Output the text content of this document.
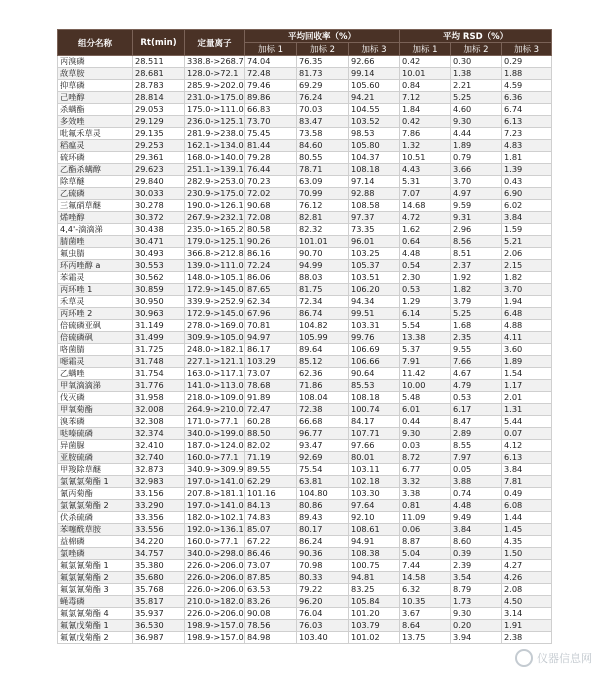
组分名称	Rt(min)	定量离子	平均回收率（%）			平均 RSD（%）		
			加标 1	加标 2	加标 3	加标 1	加标 2	加标 3
丙溴磷	28.511	338.8->268.7	74.04	76.35	92.66	0.42	0.30	0.29
敌草胺	28.681	128.0->72.1	72.48	81.73	99.14	10.01	1.38	1.88
抑草磷	28.783	285.9->202.0	79.46	69.29	105.60	0.84	2.21	4.59
己唑醇	28.814	231.0->175.0	89.86	76.24	94.21	7.12	5.25	6.36
杀螨酯	29.053	175.0->111.0	66.83	70.03	104.55	1.84	4.60	6.74
多效唑	29.129	236.0->125.1	73.70	83.47	103.52	0.42	9.30	6.13
吡氟禾草灵	29.135	281.9->238.0	75.45	73.58	98.53	7.86	4.44	7.23
稻瘟灵	29.253	162.1->134.0	81.44	84.60	105.80	1.32	1.89	4.83
硫环磷	29.361	168.0->140.0	79.28	80.55	104.37	10.51	0.79	1.81
乙酯杀螨醇	29.623	251.1->139.1	76.44	78.71	108.18	4.43	3.66	1.39
除草醚	29.840	282.9->253.0	70.23	63.09	97.14	5.31	3.70	0.43
乙硫磷	30.033	230.9->175.0	72.02	70.99	92.88	7.07	4.97	6.90
三氟硝草醚	30.278	190.0->126.1	90.68	76.12	108.58	14.68	9.59	6.02
烯唑醇	30.372	267.9->232.1	72.08	82.81	97.37	4.72	9.31	3.84
4,4'-滴滴涕	30.438	235.0->165.2	80.58	82.32	73.35	1.62	2.96	1.59
腈菌唑	30.471	179.0->125.1	90.26	101.01	96.01	0.64	8.56	5.21
氟虫腈	30.493	366.8->212.8	86.16	90.70	103.25	4.48	8.51	2.06
环丙唑醇 a	30.553	139.0->111.0	72.24	94.99	105.37	0.54	2.37	2.15
苯霜灵	30.562	148.0->105.1	86.06	88.03	103.51	2.30	1.92	1.82
丙环唑 1	30.859	172.9->145.0	87.65	81.75	106.20	0.53	1.82	3.70
禾草灵	30.950	339.9->252.9	62.34	72.34	94.34	1.29	3.79	1.94
丙环唑 2	30.963	172.9->145.0	67.96	86.74	99.51	6.14	5.25	6.48
倍硫磷亚砜	31.149	278.0->169.0	70.81	104.82	103.31	5.54	1.68	4.88
倍硫磷砜	31.499	309.9->105.0	94.97	105.99	99.76	13.38	2.35	4.11
咯菌腈	31.725	248.0->182.1	86.17	89.64	106.69	5.37	9.55	3.60
噁霜灵	31.748	227.1->121.1	103.29	85.12	106.66	7.91	7.66	1.89
乙螨唑	31.754	163.0->117.1	73.07	62.36	90.64	11.42	4.67	1.54
甲氧滴滴涕	31.776	141.0->113.0	78.68	71.86	85.53	10.00	4.79	1.17
伐灭磷	31.958	218.0->109.0	91.89	108.04	108.18	5.48	0.53	2.01
甲氧菊酯	32.008	264.9->210.0	72.47	72.38	100.74	6.01	6.17	1.31
溴苯磷	32.308	171.0->77.1	60.28	66.68	84.17	0.44	8.47	5.44
哒嗪硫磷	32.374	340.0->199.0	88.50	96.77	107.71	9.30	2.89	0.07
异菌脲	32.410	187.0->124.0	82.02	93.47	97.66	0.03	8.55	4.12
亚胺硫磷	32.740	160.0->77.1	71.19	92.69	80.01	8.72	7.97	6.13
甲羧除草醚	32.873	340.9->309.9	89.55	75.54	103.11	6.77	0.05	3.84
氯氰氯菊酯 1	32.983	197.0->141.0	62.29	63.81	102.18	3.32	3.88	7.81
氰丙菊酯	33.156	207.8->181.1	101.16	104.80	103.30	3.38	0.74	0.49
氯氰氯菊酯 2	33.290	197.0->141.0	84.13	80.86	97.64	0.81	4.48	6.08
伏杀硫磷	33.356	182.0->102.1	74.83	89.43	92.10	11.09	9.49	1.44
苯噻酰草胺	33.556	192.0->136.1	85.07	80.17	108.61	0.06	3.84	1.45
益棉磷	34.220	160.0->77.1	67.22	86.24	94.91	8.87	8.60	4.35
氯唑磷	34.757	340.0->298.0	86.46	90.36	108.38	5.04	0.39	1.50
氟氯氰菊酯 1	35.380	226.0->206.0	73.07	70.98	100.75	7.44	2.39	4.27
氟氯氰菊酯 2	35.680	226.0->206.0	87.85	80.33	94.81	14.58	3.54	4.26
氟氯氰菊酯 3	35.768	226.0->206.0	63.53	79.22	83.25	6.32	8.79	2.08
蝇毒磷	35.817	210.0->182.0	83.26	96.20	105.84	10.35	1.73	4.50
氟氯氰菊酯 4	35.937	226.0->206.0	90.08	76.04	101.20	3.67	9.30	3.14
氟氰戊菊酯 1	36.530	198.9->157.0	78.56	76.03	103.79	8.64	0.20	1.91
氟氰戊菊酯 2	36.987	198.9->157.0	84.98	103.40	101.02	13.75	3.94	2.38
仪器信息网
